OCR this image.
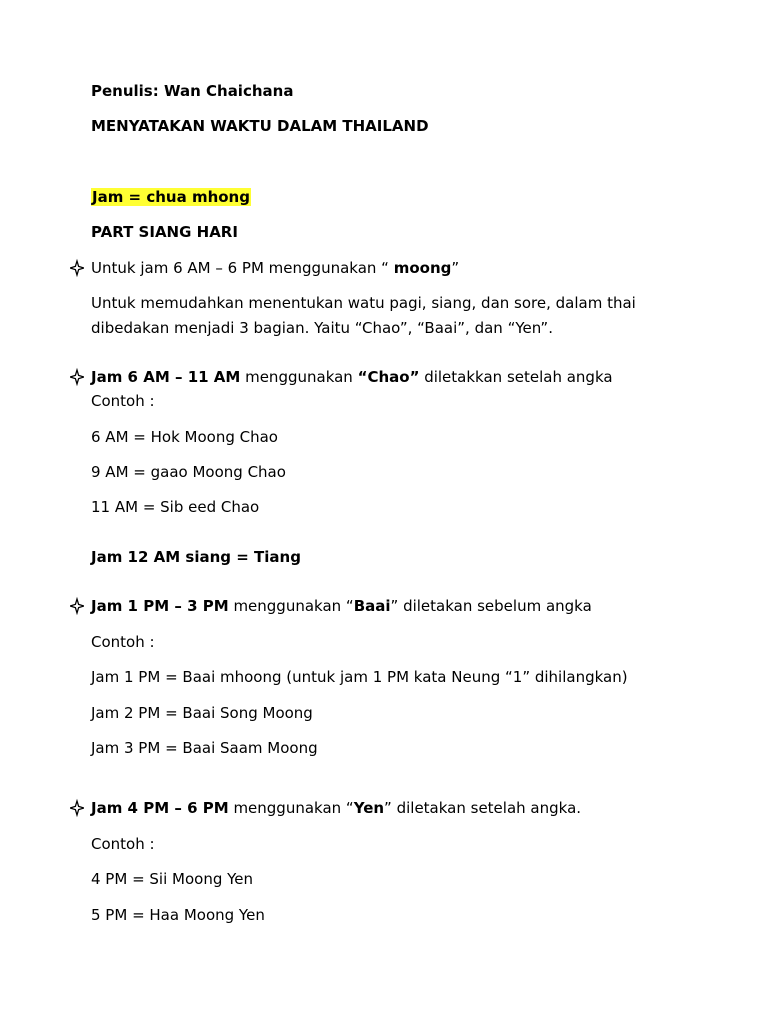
Penulis: Wan Chaichana
MENYATAKAN WAKTU DALAM THAILAND
Jam = chua mhong
PART SIANG HARI
Untuk jam 6 AM – 6 PM menggunakan “ moong”
Untuk memudahkan menentukan watu pagi, siang, dan sore, dalam thai
dibedakan menjadi 3 bagian. Yaitu “Chao”, “Baai”, dan “Yen”.
Jam 6 AM – 11 AM menggunakan “Chao” diletakkan setelah angka
Contoh :
6 AM = Hok Moong Chao
9 AM = gaao Moong Chao
11 AM = Sib eed Chao
Jam 12 AM siang = Tiang
Jam 1 PM – 3 PM menggunakan “Baai” diletakan sebelum angka
Contoh :
Jam 1 PM = Baai mhoong (untuk jam 1 PM kata Neung “1” dihilangkan)
Jam 2 PM = Baai Song Moong
Jam 3 PM = Baai Saam Moong
Jam 4 PM – 6 PM menggunakan “Yen” diletakan setelah angka.
Contoh :
4 PM = Sii Moong Yen
5 PM = Haa Moong Yen
